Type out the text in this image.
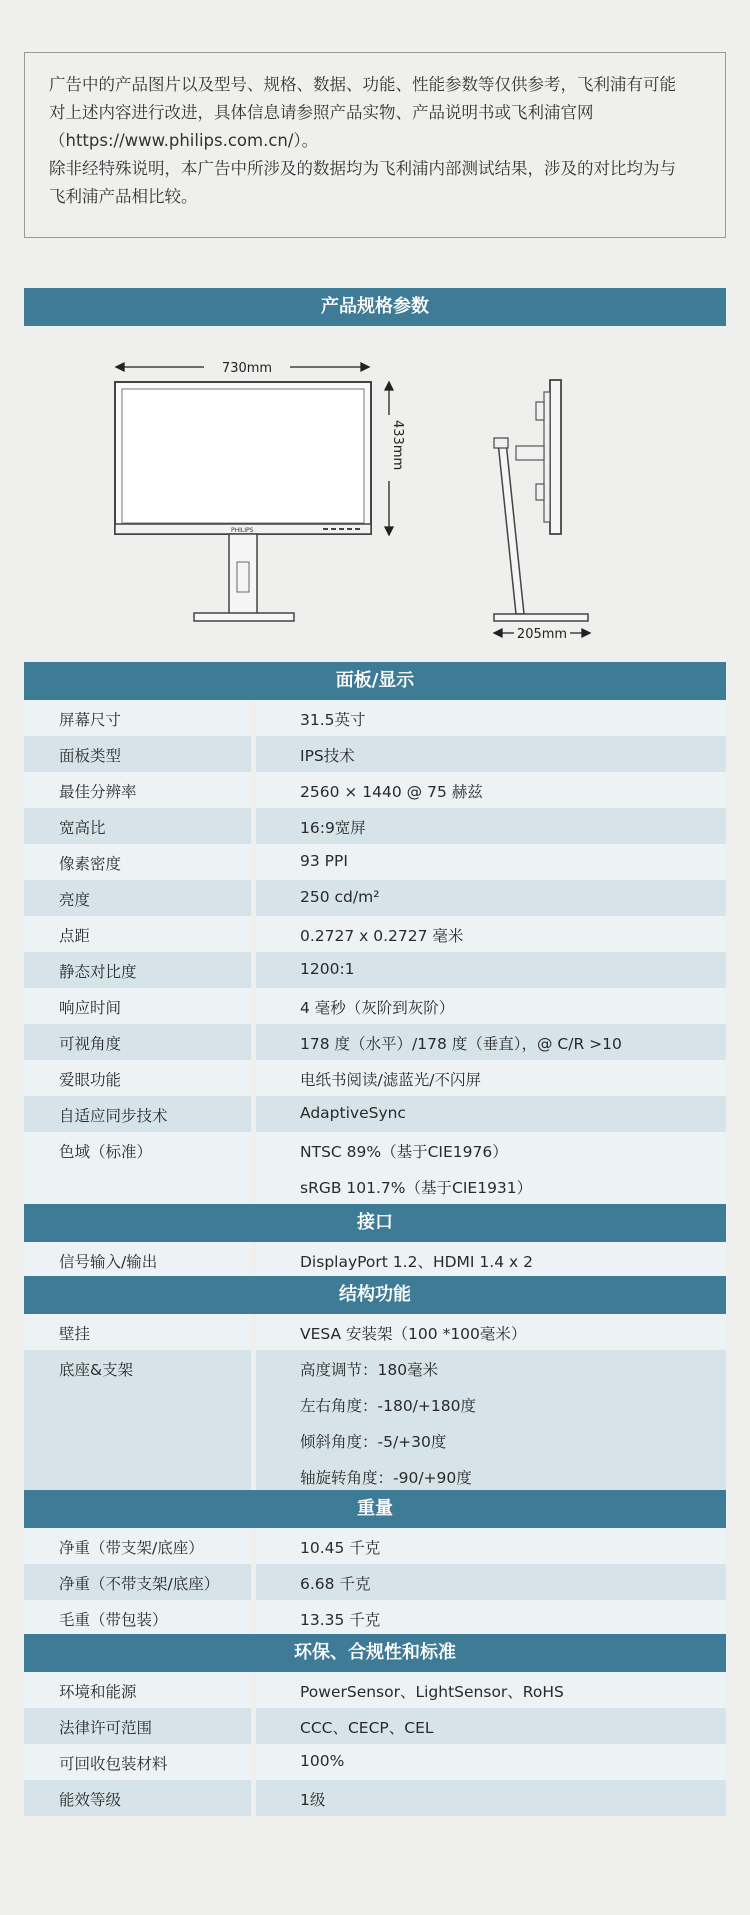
广告中的产品图片以及型号、规格、数据、功能、性能参数等仅供参考，飞利浦有可能

对上述内容进行改进，具体信息请参照产品实物、产品说明书或飞利浦官网

（https://www.philips.com.cn/）。

除非经特殊说明，本广告中所涉及的数据均为飞利浦内部测试结果，涉及的对比均为与

飞利浦产品相比较。

产品规格参数
730mm
PHILIPS
433mm
205mm
面板/显示
屏幕尺寸	31.5英寸
面板类型	IPS技术
最佳分辨率	2560 × 1440 @ 75 赫兹
宽高比	16:9宽屏
像素密度	93 PPI
亮度	250 cd/m²
点距	0.2727 x 0.2727 毫米
静态对比度	1200:1
响应时间	4 毫秒（灰阶到灰阶）
可视角度	178 度（水平）/178 度（垂直），@ C/R >10
爱眼功能	电纸书阅读/滤蓝光/不闪屏
自适应同步技术	AdaptiveSync
色域（标准）	NTSC 89%（基于CIE1976）
sRGB 101.7%（基于CIE1931）
接口
信号输入/输出	DisplayPort 1.2、HDMI 1.4 x 2
结构功能
壁挂	VESA 安装架（100 *100毫米）
底座&支架	高度调节：180毫米
左右角度：-180/+180度
倾斜角度：-5/+30度
轴旋转角度：-90/+90度
重量
净重（带支架/底座）	10.45 千克
净重（不带支架/底座）	6.68 千克
毛重（带包装）	13.35 千克
环保、合规性和标准
环境和能源	PowerSensor、LightSensor、RoHS
法律许可范围	CCC、CECP、CEL
可回收包装材料	100%
能效等级	1级
